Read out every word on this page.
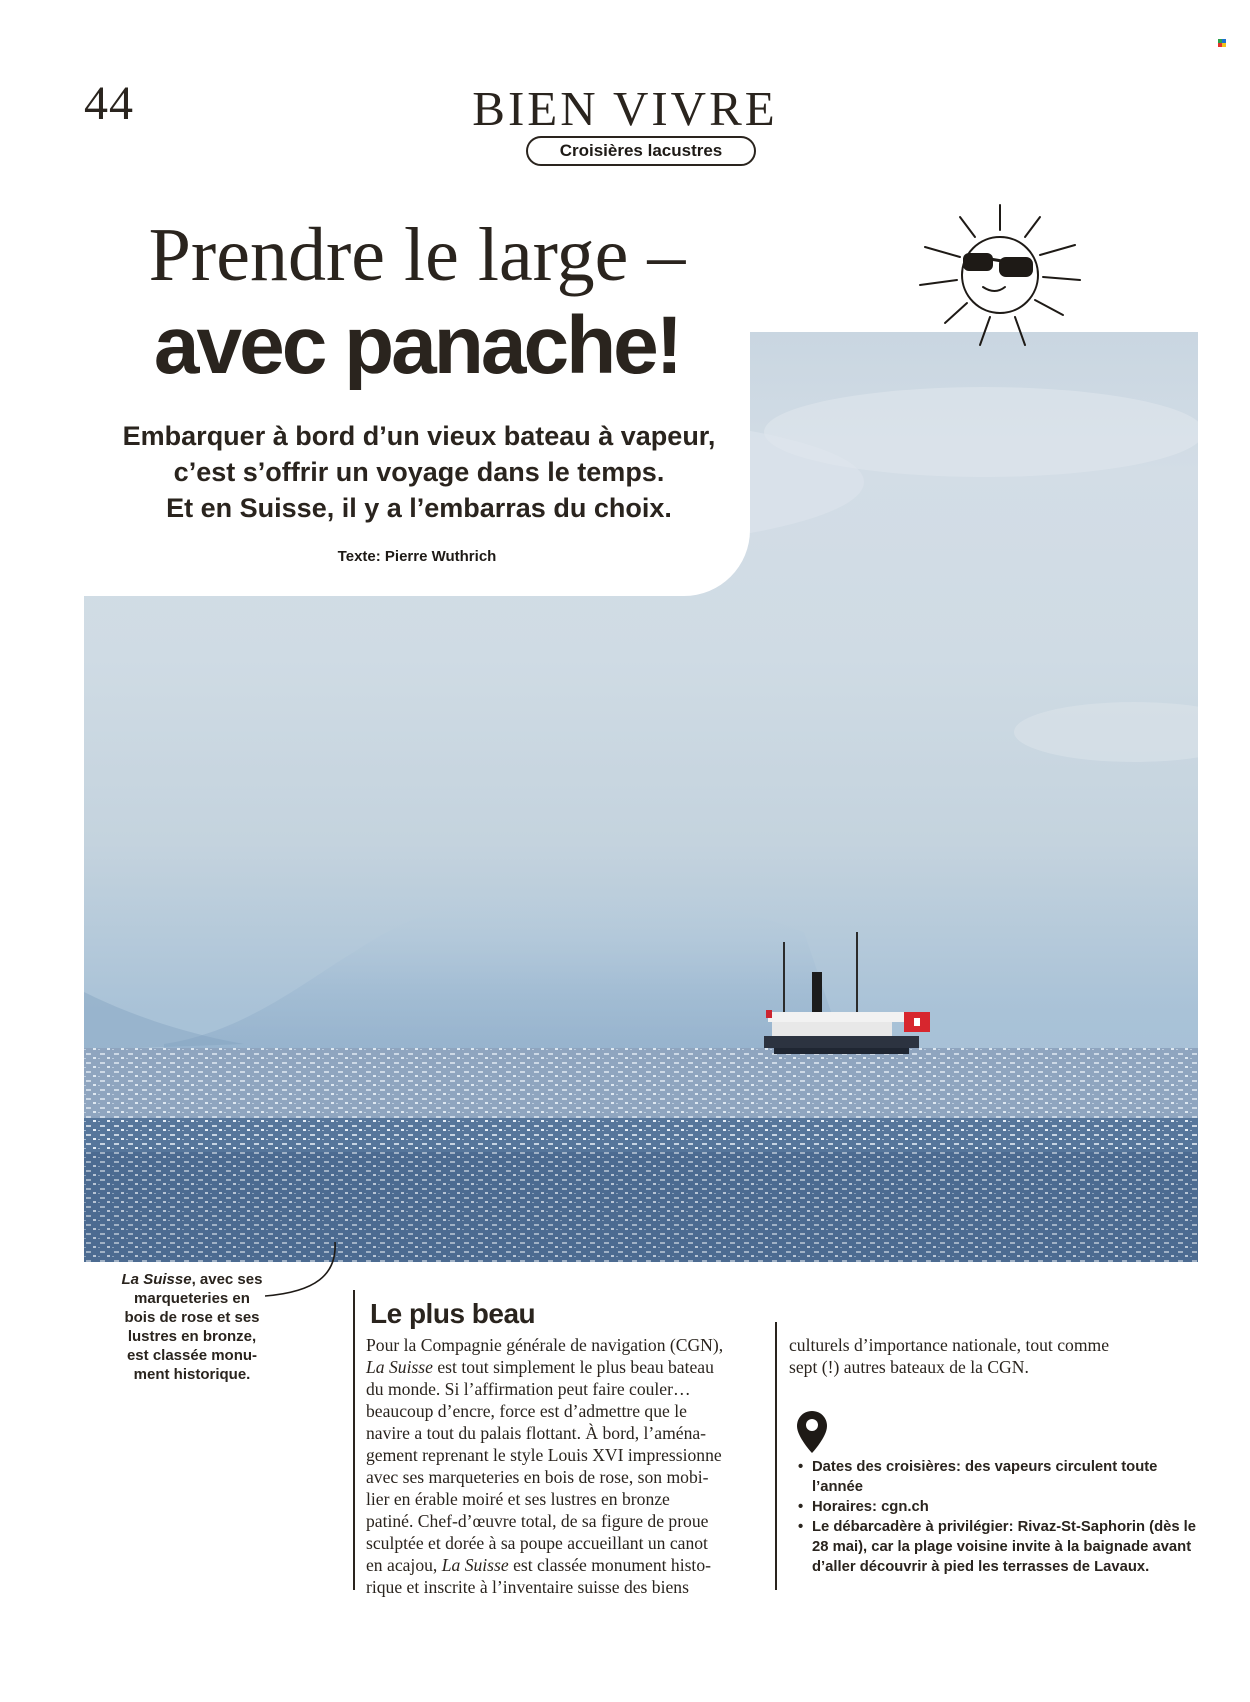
44	BIEN VIVRE
Croisières lacustres
Prendre le large –
avec panache!
Embarquer à bord d’un vieux bateau à vapeur,
c’est s’offrir un voyage dans le temps.
Et en Suisse, il y a l’embarras du choix.
Texte: Pierre Wuthrich
La Suisse, avec ses
marqueteries en
bois de rose et ses
lustres en bronze,
est classée monu-
ment historique.
Le plus beau
Pour la Compagnie générale de navigation (CGN),
La Suisse est tout simplement le plus beau bateau
du monde. Si l’affirmation peut faire couler…
beaucoup d’encre, force est d’admettre que le
navire a tout du palais flottant. À bord, l’aména-
gement reprenant le style Louis XVI impressionne
avec ses marqueteries en bois de rose, son mobi-
lier en érable moiré et ses lustres en bronze
patiné. Chef-d’œuvre total, de sa figure de proue
sculptée et dorée à sa poupe accueillant un canot
en acajou, La Suisse est classée monument histo-
rique et inscrite à l’inventaire suisse des biens
culturels d’importance nationale, tout comme
sept (!) autres bateaux de la CGN.
• Dates des croisières: des vapeurs circulent toute l’année
• Horaires: cgn.ch
• Le débarcadère à privilégier: Rivaz-St-Saphorin (dès le 28 mai), car la plage voisine invite à la baignade avant d’aller découvrir à pied les terrasses de Lavaux.
